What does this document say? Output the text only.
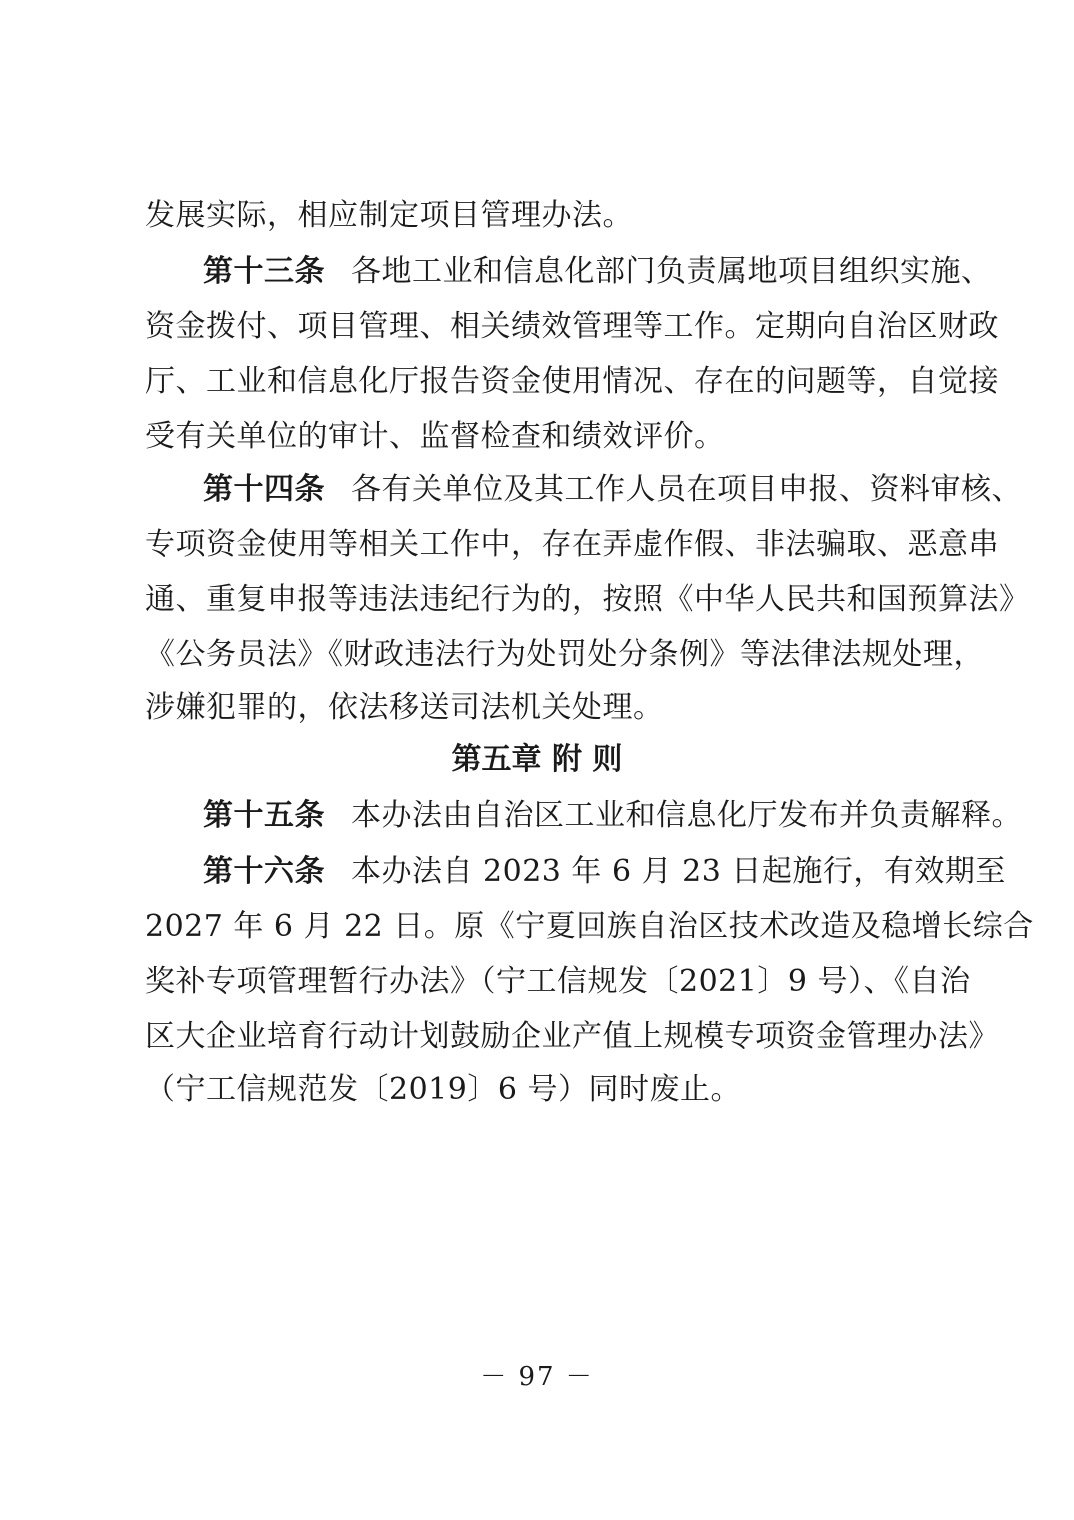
发展实际，相应制定项目管理办法。
第十三条 各地工业和信息化部门负责属地项目组织实施、
资金拨付、项目管理、相关绩效管理等工作。定期向自治区财政
厅、工业和信息化厅报告资金使用情况、存在的问题等，自觉接
受有关单位的审计、监督检查和绩效评价。
第十四条 各有关单位及其工作人员在项目申报、资料审核、
专项资金使用等相关工作中，存在弄虚作假、非法骗取、恶意串
通、重复申报等违法违纪行为的，按照《中华人民共和国预算法》
《公务员法》《财政违法行为处罚处分条例》等法律法规处理，
涉嫌犯罪的，依法移送司法机关处理。
第五章 附 则
第十五条 本办法由自治区工业和信息化厅发布并负责解释。
第十六条 本办法自 2023 年 6 月 23 日起施行，有效期至
2027 年 6 月 22 日。原《宁夏回族自治区技术改造及稳增长综合
奖补专项管理暂行办法》（宁工信规发〔2021〕9 号）、《自治
区大企业培育行动计划鼓励企业产值上规模专项资金管理办法》
（宁工信规范发〔2019〕6 号）同时废止。
－ 97 －
